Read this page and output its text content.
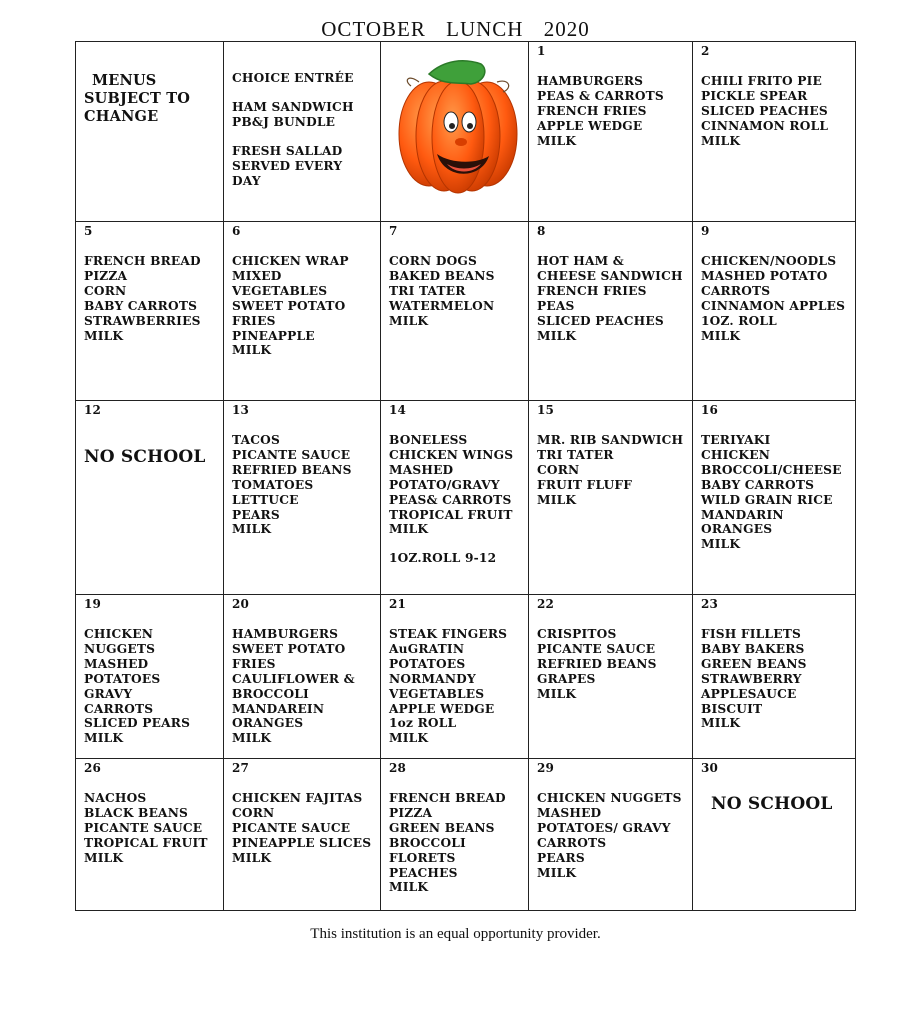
OCTOBER LUNCH 2020
MENUS
SUBJECT TO
CHANGE
CHOICE ENTRÉE
HAM SANDWICH
PB&J BUNDLE
FRESH SALLAD
SERVED EVERY
DAY
1
HAMBURGERS
PEAS & CARROTS
FRENCH FRIES
APPLE WEDGE
MILK
2
CHILI FRITO PIE
PICKLE SPEAR
SLICED PEACHES
CINNAMON ROLL
MILK
5
FRENCH BREAD
PIZZA
CORN
BABY CARROTS
STRAWBERRIES
MILK
6
CHICKEN WRAP
MIXED
VEGETABLES
SWEET POTATO
FRIES
PINEAPPLE
MILK
7
CORN DOGS
BAKED BEANS
TRI TATER
WATERMELON
MILK
8
HOT HAM &
CHEESE SANDWICH
FRENCH FRIES
PEAS
SLICED PEACHES
MILK
9
CHICKEN/NOODLS
MASHED POTATO
CARROTS
CINNAMON APPLES
1OZ. ROLL
MILK
12
NO SCHOOL
13
TACOS
PICANTE SAUCE
REFRIED BEANS
TOMATOES
LETTUCE
PEARS
MILK
14
BONELESS
CHICKEN WINGS
MASHED
POTATO/GRAVY
PEAS& CARROTS
TROPICAL FRUIT
MILK
1OZ.ROLL 9-12
15
MR. RIB SANDWICH
TRI TATER
CORN
FRUIT FLUFF
MILK
16
TERIYAKI
CHICKEN
BROCCOLI/CHEESE
BABY CARROTS
WILD GRAIN RICE
MANDARIN
ORANGES
MILK
19
CHICKEN
NUGGETS
MASHED
POTATOES
GRAVY
CARROTS
SLICED PEARS
MILK
20
HAMBURGERS
SWEET POTATO
FRIES
CAULIFLOWER &
BROCCOLI
MANDAREIN
ORANGES
MILK
21
STEAK FINGERS
AuGRATIN
POTATOES
NORMANDY
VEGETABLES
APPLE WEDGE
1oz ROLL
MILK
22
CRISPITOS
PICANTE SAUCE
REFRIED BEANS
GRAPES
MILK
23
FISH FILLETS
BABY BAKERS
GREEN BEANS
STRAWBERRY
APPLESAUCE
BISCUIT
MILK
26
NACHOS
BLACK BEANS
PICANTE SAUCE
TROPICAL FRUIT
MILK
27
CHICKEN FAJITAS
CORN
PICANTE SAUCE
PINEAPPLE SLICES
MILK
28
FRENCH BREAD
PIZZA
GREEN BEANS
BROCCOLI
FLORETS
PEACHES
MILK
29
CHICKEN NUGGETS
MASHED
POTATOES/ GRAVY
CARROTS
PEARS
MILK
30
NO SCHOOL
This institution is an equal opportunity provider.
